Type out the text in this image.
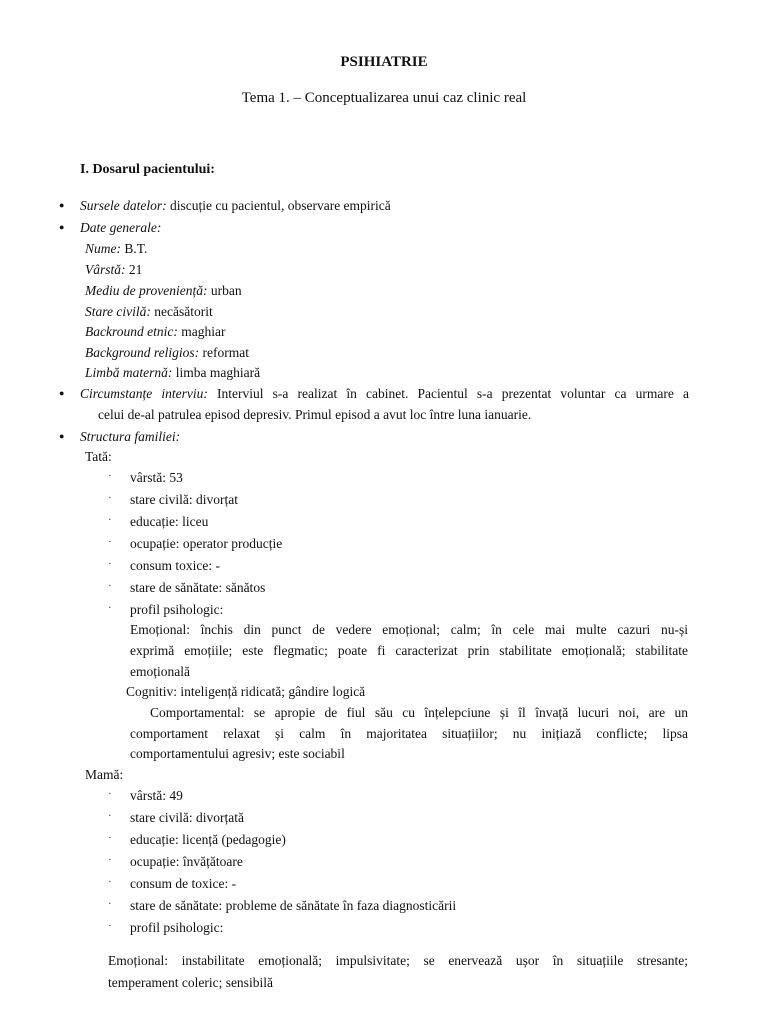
PSIHIATRIE
Tema 1. – Conceptualizarea unui caz clinic real
I. Dosarul pacientului:
● Sursele datelor: discuție cu pacientul, observare empirică
● Date generale:
Nume: B.T.
Vârstă: 21
Mediu de proveniență: urban
Stare civilă: necăsătorit
Backround etnic: maghiar
Background religios: reformat
Limbă maternă: limba maghiară
● Circumstanțe interviu: Interviul s-a realizat în cabinet. Pacientul s-a prezentat voluntar ca urmare a
celui de-al patrulea episod depresiv. Primul episod a avut loc între luna ianuarie.
● Structura familiei:
Tată:
· vârstă: 53
· stare civilă: divorțat
· educație: liceu
· ocupație: operator producție
· consum toxice: -
· stare de sănătate: sănătos
· profil psihologic:
Emoțional: închis din punct de vedere emoțional; calm; în cele mai multe cazuri nu-și
exprimă emoțiile; este flegmatic; poate fi caracterizat prin stabilitate emoțională; stabilitate
emoțională
Cognitiv: inteligență ridicată; gândire logică
Comportamental: se apropie de fiul său cu înțelepciune și îl învață lucuri noi, are un
comportament relaxat și calm în majoritatea situațiilor; nu inițiază conflicte; lipsa
comportamentului agresiv; este sociabil
Mamă:
· vârstă: 49
· stare civilă: divorțată
· educație: licență (pedagogie)
· ocupație: învățătoare
· consum de toxice: -
· stare de sănătate: probleme de sănătate în faza diagnosticării
· profil psihologic:
Emoțional: instabilitate emoțională; impulsivitate; se enervează ușor în situațiile stresante;
temperament coleric; sensibilă
